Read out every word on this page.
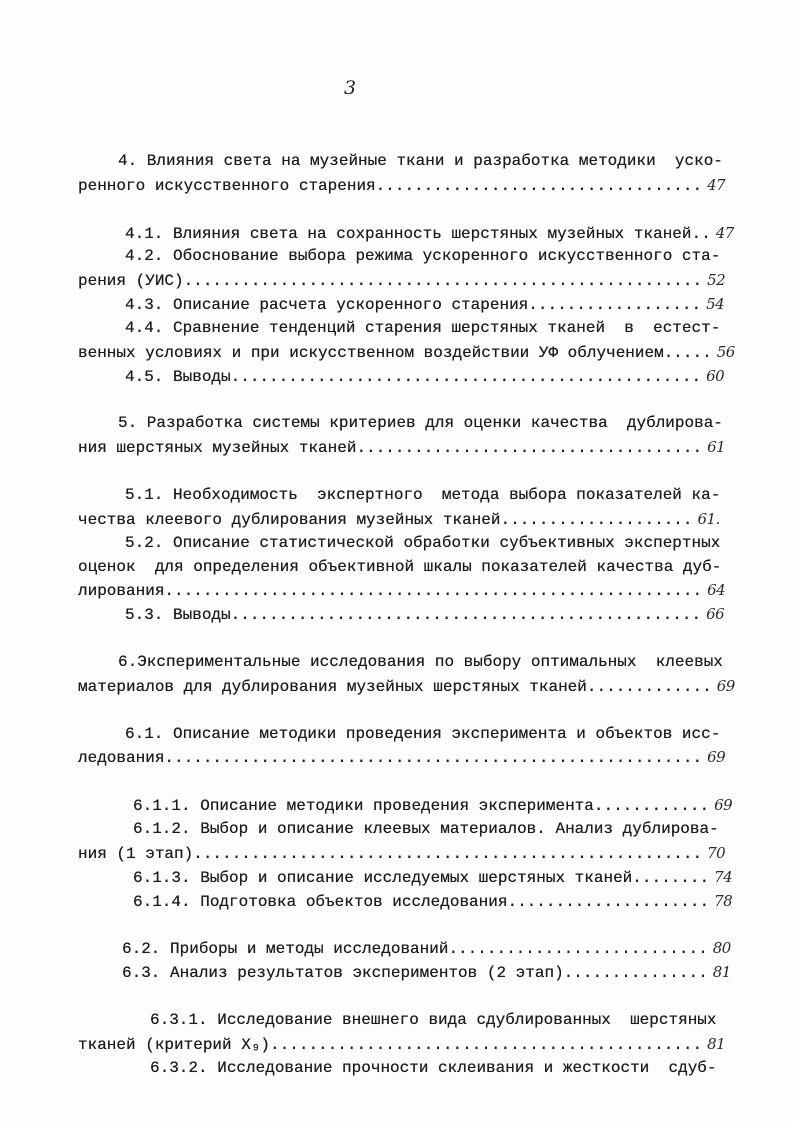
3
4. Влияния света на музейные ткани и разработка методики  уско-
ренного искусственного старения.................................. 47
4.1. Влияния света на сохранность шерстяных музейных тканей.. 47
4.2. Обоснование выбора режима ускоренного искусственного ста-
рения (УИС)...................................................... 52
4.3. Описание расчета ускоренного старения.................. 54
4.4. Сравнение тенденций старения шерстяных тканей  в  естест-
венных условиях и при искусственном воздействии УФ облучением..... 56
4.5. Выводы................................................. 60
5. Разработка системы критериев для оценки качества  дублирова-
ния шерстяных музейных тканей.................................... 61
5.1. Необходимость  экспертного  метода выбора показателей ка-
чества клеевого дублирования музейных тканей.................... 61.
5.2. Описание статистической обработки субъективных экспертных
оценок  для определения объективной шкалы показателей качества дуб-
лирования........................................................ 64
5.3. Выводы................................................. 66
6.Экспериментальные исследования по выбору оптимальных  клеевых
материалов для дублирования музейных шерстяных тканей............. 69
6.1. Описание методики проведения эксперимента и объектов исс-
ледования........................................................ 69
6.1.1. Описание методики проведения эксперимента............ 69
6.1.2. Выбор и описание клеевых материалов. Анализ дублирова-
ния (1 этап)..................................................... 70
6.1.3. Выбор и описание исследуемых шерстяных тканей........ 74
6.1.4. Подготовка объектов исследования..................... 78
6.2. Приборы и методы исследований........................... 80
6.3. Анализ результатов экспериментов (2 этап)............... 81
6.3.1. Исследование внешнего вида сдублированных  шерстяных
тканей (критерий X₉)............................................. 81
6.3.2. Исследование прочности склеивания и жесткости  сдуб-
